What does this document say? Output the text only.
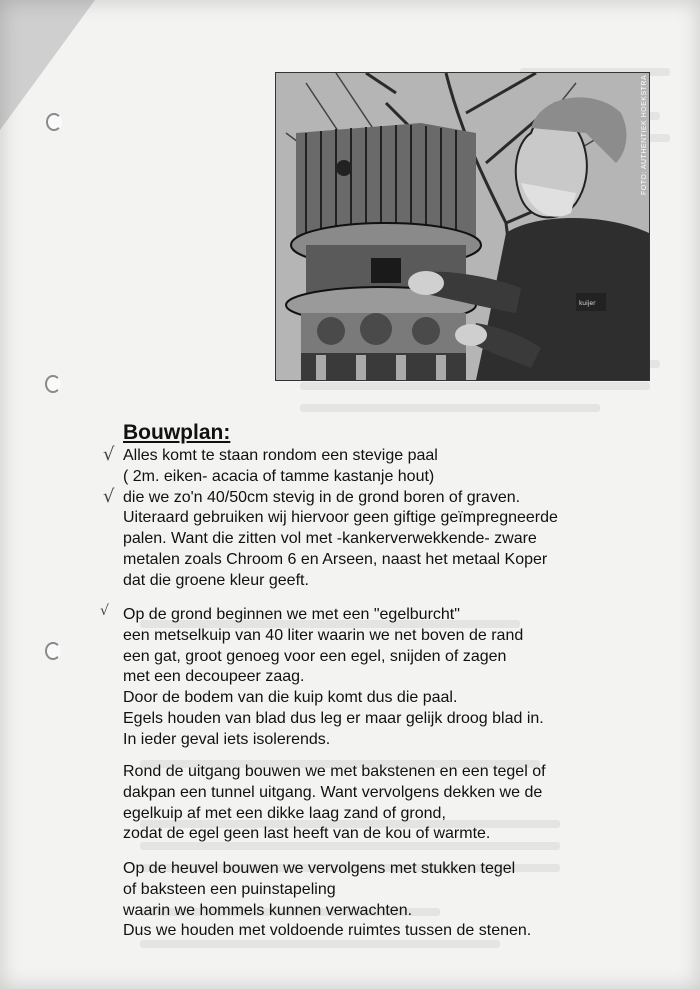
kuijer
FOTO: AUTHENTIEK HOEKSTRA
Bouwplan:
√
√
√
Alles komt te staan rondom een stevige paal
( 2m. eiken- acacia of tamme kastanje hout)
die we zo'n 40/50cm stevig in de grond boren of graven.
Uiteraard gebruiken wij hiervoor geen giftige geïmpregneerde
palen. Want die zitten vol met -kankerverwekkende- zware
metalen zoals Chroom 6 en Arseen, naast het metaal Koper
dat die groene kleur geeft.
Op de grond beginnen we met een "egelburcht"
een metselkuip van 40 liter waarin we net boven de rand
een gat, groot genoeg voor een egel, snijden of zagen
met een decoupeer zaag.
Door de bodem van die kuip komt dus die paal.
Egels houden van blad dus leg er maar gelijk droog blad in.
In ieder geval iets isolerends.
Rond de uitgang bouwen we met bakstenen en een tegel of
dakpan een tunnel uitgang. Want vervolgens dekken we de
egelkuip af met een dikke laag zand of grond,
zodat de egel geen last heeft van de kou of warmte.
Op de heuvel bouwen we vervolgens met stukken tegel
of baksteen een puinstapeling
waarin we hommels kunnen verwachten.
Dus we houden met voldoende ruimtes tussen de stenen.
